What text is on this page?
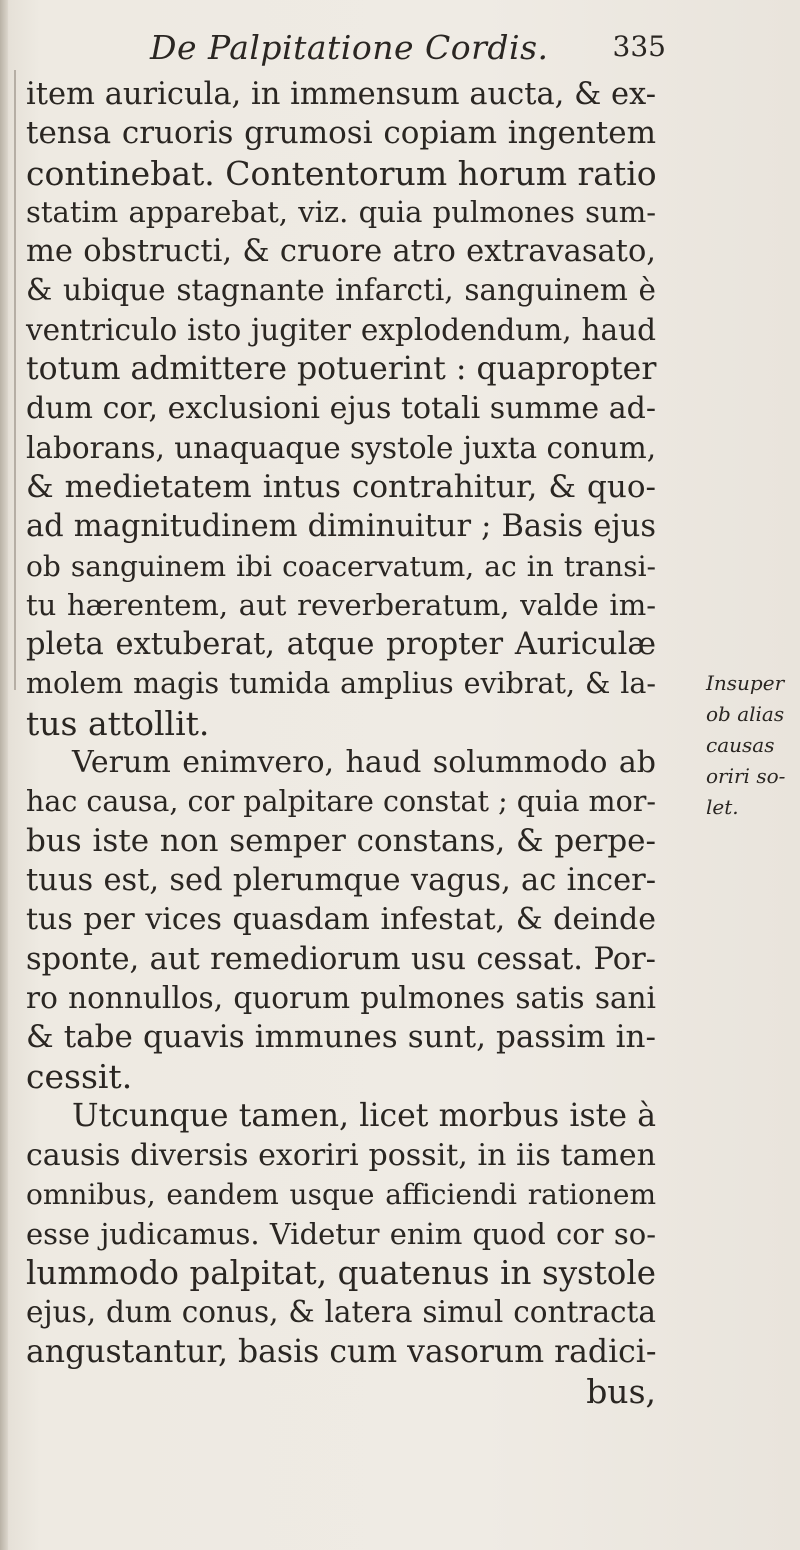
De Palpitatione Cordis. 335
item auricula, in immensum aucta, & ex-
tensa cruoris grumosi copiam ingentem
continebat. Contentorum horum ratio
statim apparebat, viz. quia pulmones sum-
me obstructi, & cruore atro extravasato,
& ubique stagnante infarcti, sanguinem è
ventriculo isto jugiter explodendum, haud
totum admittere potuerint : quapropter
dum cor, exclusioni ejus totali summe ad-
laborans, unaquaque systole juxta conum,
& medietatem intus contrahitur, & quo-
ad magnitudinem diminuitur ; Basis ejus
ob sanguinem ibi coacervatum, ac in transi-
tu hærentem, aut reverberatum, valde im-
pleta extuberat, atque propter Auriculæ
molem magis tumida amplius evibrat, & la-
tus attollit.
Verum enimvero, haud solummodo ab
hac causa, cor palpitare constat ; quia mor-
bus iste non semper constans, & perpe-
tuus est, sed plerumque vagus, ac incer-
tus per vices quasdam infestat, & deinde
sponte, aut remediorum usu cessat. Por-
ro nonnullos, quorum pulmones satis sani
& tabe quavis immunes sunt, passim in-
cessit.
Utcunque tamen, licet morbus iste à
causis diversis exoriri possit, in iis tamen
omnibus, eandem usque afficiendi rationem
esse judicamus. Videtur enim quod cor so-
lummodo palpitat, quatenus in systole
ejus, dum conus, & latera simul contracta
angustantur, basis cum vasorum radici-
bus,
Insuper
ob alias
causas
oriri so-
let.
